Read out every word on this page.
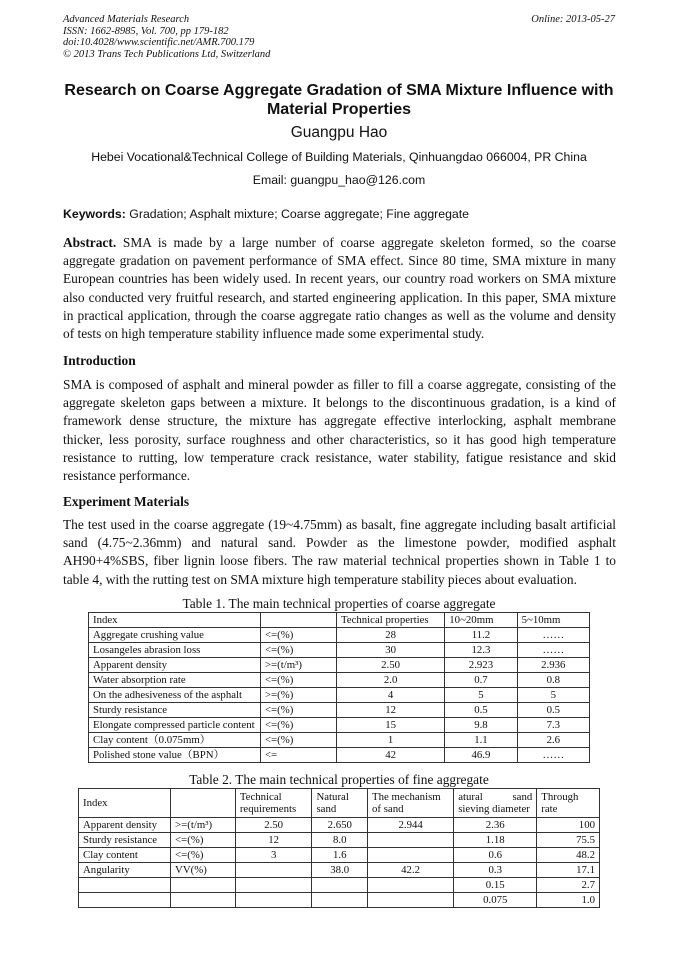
Advanced Materials Research
ISSN: 1662-8985, Vol. 700, pp 179-182
doi:10.4028/www.scientific.net/AMR.700.179
© 2013 Trans Tech Publications Ltd, Switzerland
Online: 2013-05-27
Research on Coarse Aggregate Gradation of SMA Mixture Influence with Material Properties
Guangpu Hao
Hebei Vocational&Technical College of Building Materials, Qinhuangdao 066004, PR China
Email: guangpu_hao@126.com
Keywords: Gradation; Asphalt mixture; Coarse aggregate; Fine aggregate
Abstract. SMA is made by a large number of coarse aggregate skeleton formed, so the coarse aggregate gradation on pavement performance of SMA effect. Since 80 time, SMA mixture in many European countries has been widely used. In recent years, our country road workers on SMA mixture also conducted very fruitful research, and started engineering application. In this paper, SMA mixture in practical application, through the coarse aggregate ratio changes as well as the volume and density of tests on high temperature stability influence made some experimental study.
Introduction
SMA is composed of asphalt and mineral powder as filler to fill a coarse aggregate, consisting of the aggregate skeleton gaps between a mixture. It belongs to the discontinuous gradation, is a kind of framework dense structure, the mixture has aggregate effective interlocking, asphalt membrane thicker, less porosity, surface roughness and other characteristics, so it has good high temperature resistance to rutting, low temperature crack resistance, water stability, fatigue resistance and skid resistance performance.
Experiment Materials
The test used in the coarse aggregate (19~4.75mm) as basalt, fine aggregate including basalt artificial sand (4.75~2.36mm) and natural sand. Powder as the limestone powder, modified asphalt AH90+4%SBS, fiber lignin loose fibers. The raw material technical properties shown in Table 1 to table 4, with the rutting test on SMA mixture high temperature stability pieces about evaluation.
Table 1. The main technical properties of coarse aggregate
Index		Technical properties	10~20mm	5~10mm
Aggregate crushing value	<=(%)	28	11.2	……
Losangeles abrasion loss	<=(%)	30	12.3	……
Apparent density	>=(t/m³)	2.50	2.923	2.936
Water absorption rate	<=(%)	2.0	0.7	0.8
On the adhesiveness of the asphalt	>=(%)	4	5	5
Sturdy resistance	<=(%)	12	0.5	0.5
Elongate compressed particle content	<=(%)	15	9.8	7.3
Clay content（0.075mm）	<=(%)	1	1.1	2.6
Polished stone value（BPN）	<=	42	46.9	……
Table 2. The main technical properties of fine aggregate
Index		Technical requirements	Natural sand	The mechanism of sand	atural sand sieving diameter	Through rate
Apparent density	>=(t/m³)	2.50	2.650	2.944	2.36	100
Sturdy resistance	<=(%)	12	8.0		1.18	75.5
Clay content	<=(%)	3	1.6		0.6	48.2
Angularity	VV(%)		38.0	42.2	0.3	17.1
					0.15	2.7
					0.075	1.0
